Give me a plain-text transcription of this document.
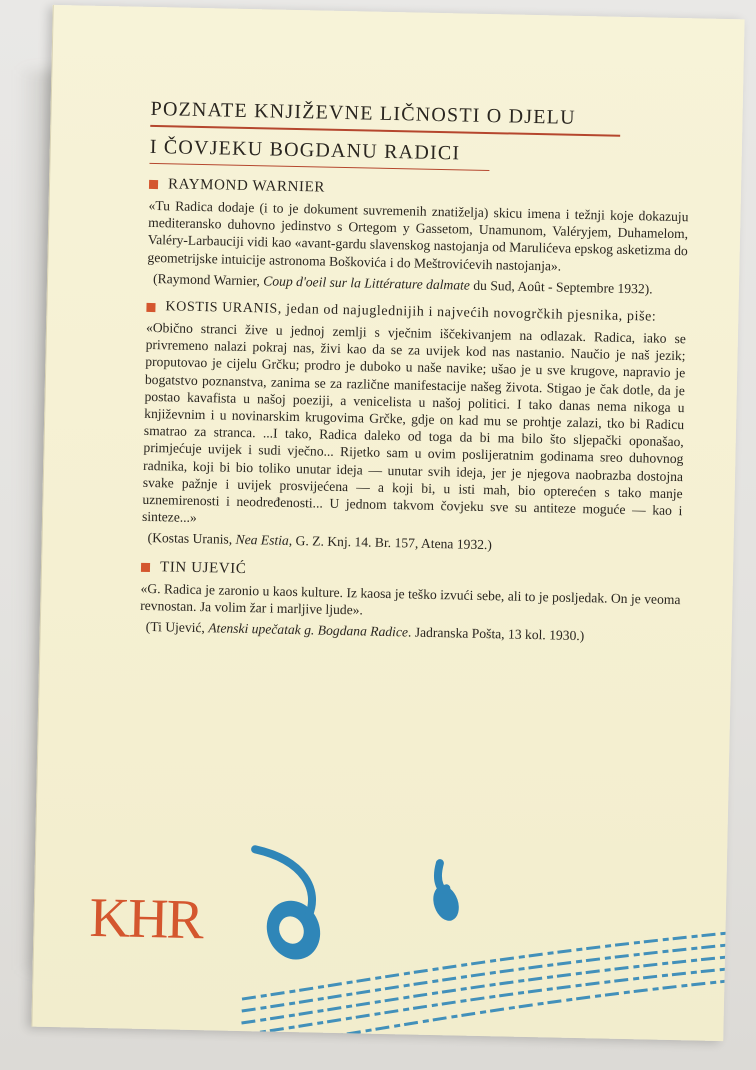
POZNATE KNJIŽEVNE LIČNOSTI O DJELU
I ČOVJEKU BOGDANU RADICI
RAYMOND WARNIER
«Tu Radica dodaje (i to je dokument suvremenih znatiželja) skicu imena i težnji koje dokazuju mediteransko duhovno jedinstvo s Ortegom y Gassetom, Unamunom, Valéryjem, Duhamelom, Valéry-Larbauciji vidi kao «avant-gardu slavenskog nastojanja od Marulićeva epskog asketizma do geometrijske intuicije astronoma Boškovića i do Meštrovićevih nastojanja».
(Raymond Warnier, Coup d'oeil sur la Littérature dalmate du Sud, Août - Septembre 1932).
KOSTIS URANIS, jedan od najuglednijih i najvećih novogrčkih pjesnika, piše:
«Obično stranci žive u jednoj zemlji s vječnim iščekivanjem na odlazak. Radica, iako se privremeno nalazi pokraj nas, živi kao da se za uvijek kod nas nastanio. Naučio je naš jezik; proputovao je cijelu Grčku; prodro je duboko u naše navike; ušao je u sve krugove, napravio je bogatstvo poznanstva, zanima se za različne manifestacije našeg života. Stigao je čak dotle, da je postao kavafista u našoj poeziji, a venicelista u našoj politici. I tako danas nema nikoga u književnim i u novinarskim krugovima Grčke, gdje on kad mu se prohtje zalazi, tko bi Radicu smatrao za stranca. ...I tako, Radica daleko od toga da bi ma bilo što sljepački oponašao, primjećuje uvijek i sudi vječno... Rijetko sam u ovim poslijeratnim godinama sreo duhovnog radnika, koji bi bio toliko unutar ideja — unutar svih ideja, jer je njegova naobrazba dostojna svake pažnje i uvijek prosvijećena — a koji bi, u isti mah, bio opterećen s tako manje uznemirenosti i neodređenosti... U jednom takvom čovjeku sve su antiteze moguće — kao i sinteze...»
(Kostas Uranis, Nea Estia, G. Z. Knj. 14. Br. 157, Atena 1932.)
TIN UJEVIĆ
«G. Radica je zaronio u kaos kulture. Iz kaosa je teško izvući sebe, ali to je posljedak. On je veoma revnostan. Ja volim žar i marljive ljude».
(Ti Ujević, Atenski upečatak g. Bogdana Radice. Jadranska Pošta, 13 kol. 1930.)
KHR
